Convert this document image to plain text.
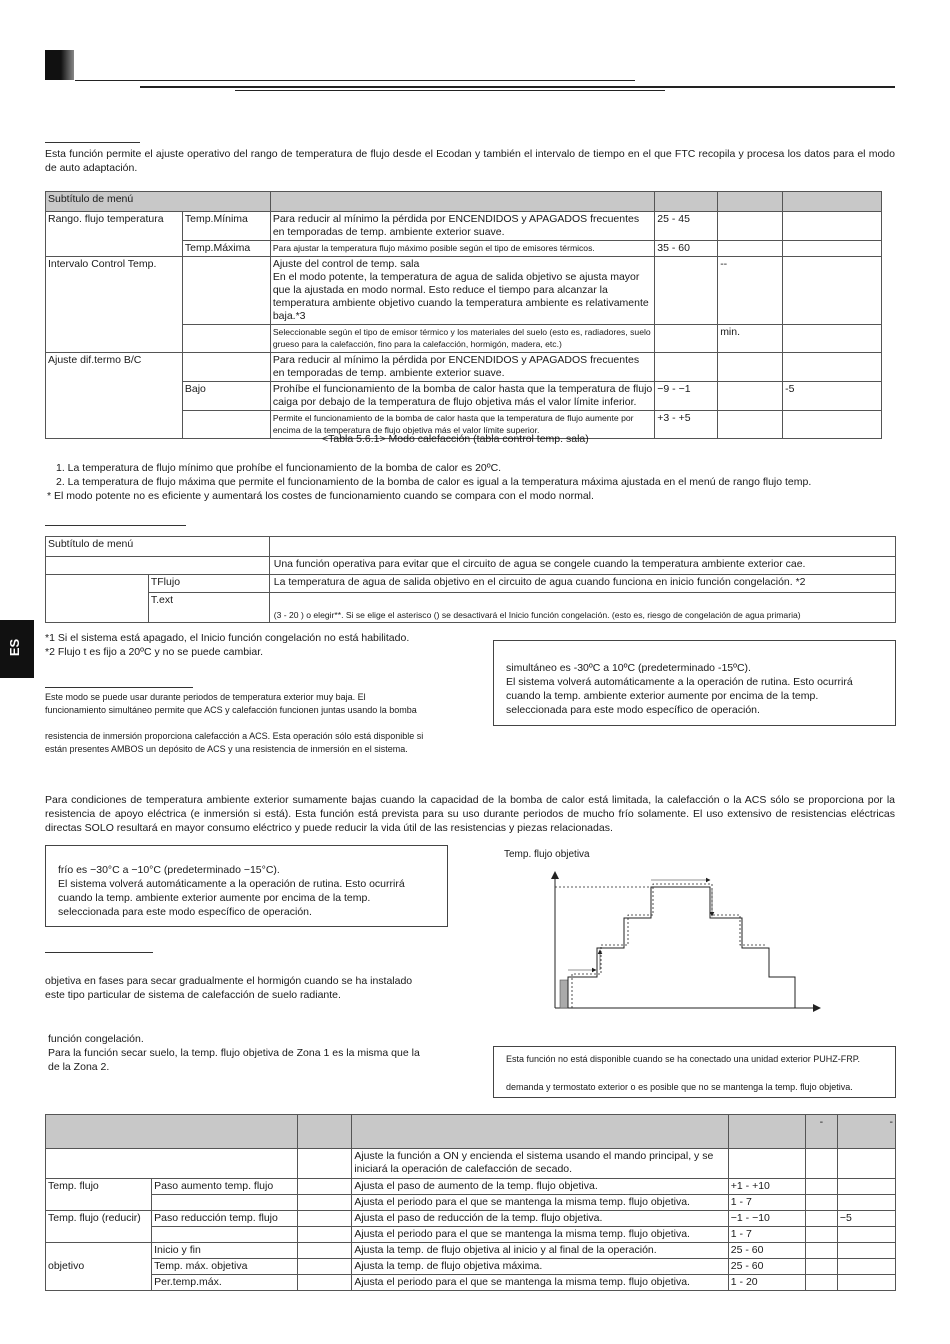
ES
Esta función permite el ajuste operativo del rango de temperatura de flujo desde el Ecodan y también el intervalo de tiempo en el que FTC recopila y procesa los datos para el modo de auto adaptación.
Subtítulo de menú					
Rango. flujo temperatura	Temp.Mínima	Para reducir al mínimo la pérdida por ENCENDIDOS y APAGADOS frecuentes en temporadas de temp. ambiente exterior suave.	25 - 45		
	Temp.Máxima	Para ajustar la temperatura flujo máximo posible según el tipo de emisores térmicos.	35 - 60		
Intervalo Control Temp.		Ajuste del control de temp. sala
En el modo potente, la temperatura de agua de salida objetivo se ajusta mayor que la ajustada en modo normal. Esto reduce el tiempo para alcanzar la temperatura ambiente objetivo cuando la temperatura ambiente es relativamente baja.*3		--	
		Seleccionable según el tipo de emisor térmico y los materiales del suelo (esto es, radiadores, suelo grueso para la calefacción, fino para la calefacción, hormigón, madera, etc.)		min.	
Ajuste dif.termo B/C		Para reducir al mínimo la pérdida por ENCENDIDOS y APAGADOS frecuentes en temporadas de temp. ambiente exterior suave.			
	Bajo	Prohíbe el funcionamiento de la bomba de calor hasta que la temperatura de flujo caiga por debajo de la temperatura de flujo objetiva más el valor límite inferior.	−9 - −1		-5
		Permite el funcionamiento de la bomba de calor hasta que la temperatura de flujo aumente por encima de la temperatura de flujo objetiva más el valor límite superior.	+3 - +5		
<Tabla 5.6.1> Modo calefacción (tabla control temp. sala)
1. La temperatura de flujo mínimo que prohíbe el funcionamiento de la bomba de calor es 20ºC.
2. La temperatura de flujo máxima que permite el funcionamiento de la bomba de calor es igual a la temperatura máxima ajustada en el menú de rango flujo temp.
* El modo potente no es eficiente y aumentará los costes de funcionamiento cuando se compara con el modo normal.
Subtítulo de menú		
		Una función operativa para evitar que el circuito de agua se congele cuando la temperatura ambiente exterior cae.
	TFlujo	La temperatura de agua de salida objetivo en el circuito de agua cuando funciona en inicio función congelación. *2
	T.ext	(3 - 20 ) o elegir**. Si se elige el asterisco () se desactivará el Inicio función congelación. (esto es, riesgo de congelación de agua primaria)
*1 Si el sistema está apagado, el Inicio función congelación no está habilitado.
*2 Flujo t es fijo a 20ºC y no se puede cambiar.
Este modo se puede usar durante periodos de temperatura exterior muy baja. El
funcionamiento simultáneo permite que ACS y calefacción funcionen juntas usando la bomba
resistencia de inmersión proporciona calefacción a ACS. Esta operación sólo está disponible si
están presentes AMBOS un depósito de ACS y una resistencia de inmersión en el sistema.
simultáneo es -30ºC a 10ºC (predeterminado -15ºC).
El sistema volverá automáticamente a la operación de rutina. Esto ocurrirá
cuando la temp. ambiente exterior aumente por encima de la temp.
seleccionada para este modo específico de operación.
Para condiciones de temperatura ambiente exterior sumamente bajas cuando la capacidad de la bomba de calor está limitada, la calefacción o la ACS sólo se proporciona por la resistencia de apoyo eléctrica (e inmersión si está). Esta función está prevista para su uso durante periodos de mucho frío solamente. El uso extensivo de resistencias eléctricas directas SOLO resultará en mayor consumo eléctrico y puede reducir la vida útil de las resistencias y piezas relacionadas.
frío es −30°C a −10°C (predeterminado −15°C).
El sistema volverá automáticamente a la operación de rutina. Esto ocurrirá
cuando la temp. ambiente exterior aumente por encima de la temp.
seleccionada para este modo específico de operación.
Temp. flujo objetiva
objetiva en fases para secar gradualmente el hormigón cuando se ha instalado
este tipo particular de sistema de calefacción de suelo radiante.
función congelación.
Para la función secar suelo, la temp. flujo objetiva de Zona 1 es la misma que la
de la Zona 2.
Esta función no está disponible cuando se ha conectado una unidad exterior PUHZ-FRP.
demanda y termostato exterior o es posible que no se mantenga la temp. flujo objetiva.
					-	-
			Ajuste la función a ON y encienda el sistema usando el mando principal, y se iniciará la operación de calefacción de secado.			
Temp. flujo	Paso aumento temp. flujo		Ajusta el paso de aumento de la temp. flujo objetiva.	+1 - +10		
			Ajusta el periodo para el que se mantenga la misma temp. flujo objetiva.	1 - 7		
Temp. flujo (reducir)	Paso reducción temp. flujo		Ajusta el paso de reducción de la temp. flujo objetiva.	−1 - −10		−5
			Ajusta el periodo para el que se mantenga la misma temp. flujo objetiva.	1 - 7		
objetivo	Inicio y fin		Ajusta la temp. de flujo objetiva al inicio y al final de la operación.	25 - 60		
	Temp. máx. objetiva		Ajusta la temp. de flujo objetiva máxima.	25 - 60		
	Per.temp.máx.		Ajusta el periodo para el que se mantenga la misma temp. flujo objetiva.	1 - 20		
